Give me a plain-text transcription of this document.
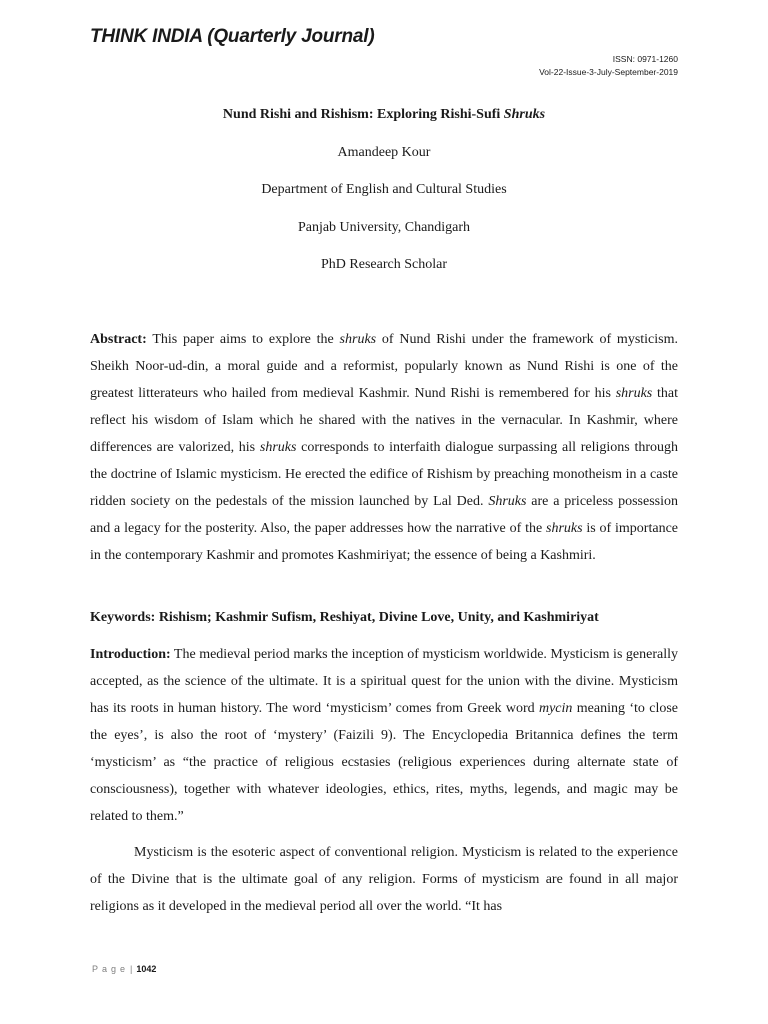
THINK INDIA (Quarterly Journal)

ISSN: 0971-1260

Vol-22-Issue-3-July-September-2019

Nund Rishi and Rishism: Exploring Rishi-Sufi Shruks

Amandeep Kour

Department of English and Cultural Studies

Panjab University, Chandigarh

PhD Research Scholar

Abstract: This paper aims to explore the shruks of Nund Rishi under the framework of mysticism. Sheikh Noor-ud-din, a moral guide and a reformist, popularly known as Nund Rishi is one of the greatest litterateurs who hailed from medieval Kashmir. Nund Rishi is remembered for his shruks that reflect his wisdom of Islam which he shared with the natives in the vernacular. In Kashmir, where differences are valorized, his shruks corresponds to interfaith dialogue surpassing all religions through the doctrine of Islamic mysticism. He erected the edifice of Rishism by preaching monotheism in a caste ridden society on the pedestals of the mission launched by Lal Ded. Shruks are a priceless possession and a legacy for the posterity. Also, the paper addresses how the narrative of the shruks is of importance in the contemporary Kashmir and promotes Kashmiriyat; the essence of being a Kashmiri.

Keywords: Rishism; Kashmir Sufism, Reshiyat, Divine Love, Unity, and Kashmiriyat

Introduction: The medieval period marks the inception of mysticism worldwide. Mysticism is generally accepted, as the science of the ultimate. It is a spiritual quest for the union with the divine. Mysticism has its roots in human history. The word ‘mysticism’ comes from Greek word mycin meaning ‘to close the eyes’, is also the root of ‘mystery’ (Faizili 9). The Encyclopedia Britannica defines the term ‘mysticism’ as “the practice of religious ecstasies (religious experiences during alternate state of consciousness), together with whatever ideologies, ethics, rites, myths, legends, and magic may be related to them.”

Mysticism is the esoteric aspect of conventional religion. Mysticism is related to the experience of the Divine that is the ultimate goal of any religion. Forms of mysticism are found in all major religions as it developed in the medieval period all over the world. “It has

Page| 1042
